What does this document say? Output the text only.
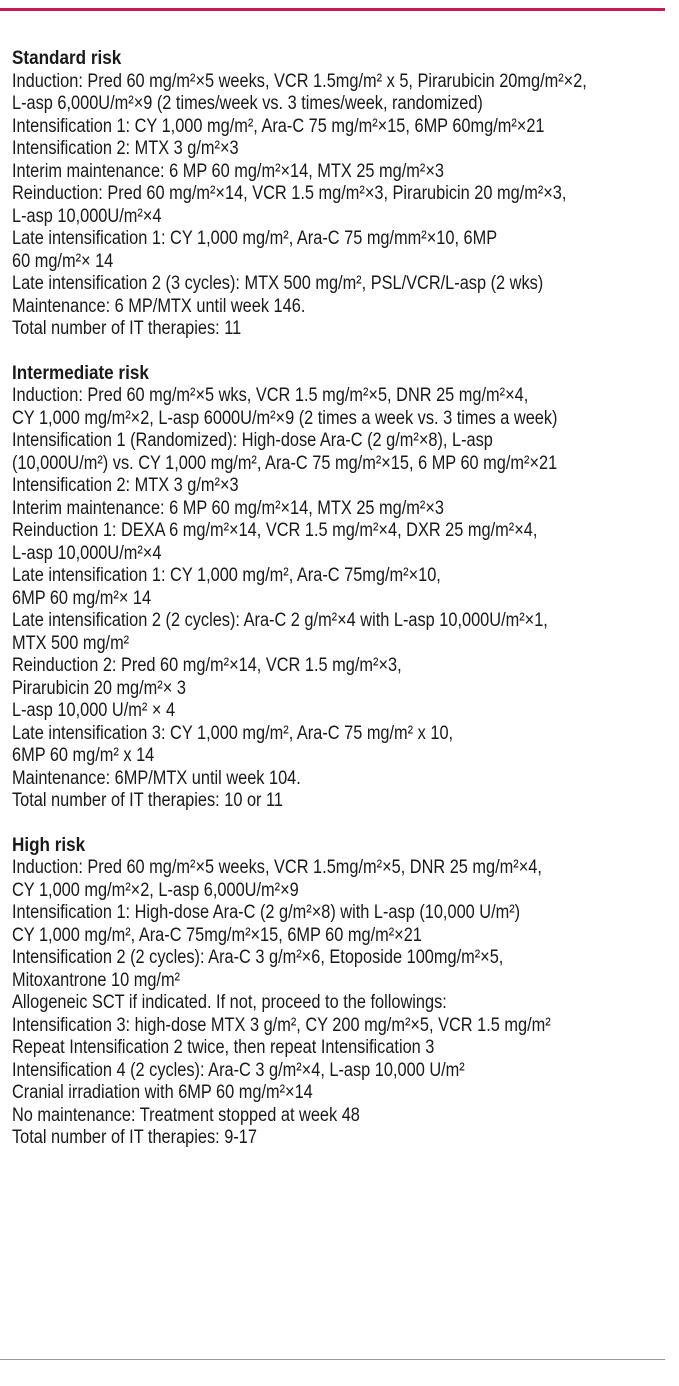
Standard risk
Induction: Pred 60 mg/m²×5 weeks, VCR 1.5mg/m² x 5, Pirarubicin 20mg/m²×2,
L-asp 6,000U/m²×9 (2 times/week vs. 3 times/week, randomized)
Intensification 1: CY 1,000 mg/m², Ara-C 75 mg/m²×15, 6MP 60mg/m²×21
Intensification 2: MTX 3 g/m²×3
Interim maintenance: 6 MP 60 mg/m²×14, MTX 25 mg/m²×3
Reinduction: Pred 60 mg/m²×14, VCR 1.5 mg/m²×3, Pirarubicin 20 mg/m²×3,
L-asp 10,000U/m²×4
Late intensification 1: CY 1,000 mg/m², Ara-C 75 mg/mm²×10, 6MP
60 mg/m²× 14
Late intensification 2 (3 cycles): MTX 500 mg/m², PSL/VCR/L-asp (2 wks)
Maintenance: 6 MP/MTX until week 146.
Total number of IT therapies: 11
Intermediate risk
Induction: Pred 60 mg/m²×5 wks, VCR 1.5 mg/m²×5, DNR 25 mg/m²×4,
CY 1,000 mg/m²×2, L-asp 6000U/m²×9 (2 times a week vs. 3 times a week)
Intensification 1 (Randomized): High-dose Ara-C (2 g/m²×8), L-asp
(10,000U/m²) vs. CY 1,000 mg/m², Ara-C 75 mg/m²×15, 6 MP 60 mg/m²×21
Intensification 2: MTX 3 g/m²×3
Interim maintenance: 6 MP 60 mg/m²×14, MTX 25 mg/m²×3
Reinduction 1: DEXA 6 mg/m²×14, VCR 1.5 mg/m²×4, DXR 25 mg/m²×4,
L-asp 10,000U/m²×4
Late intensification 1: CY 1,000 mg/m², Ara-C 75mg/m²×10,
6MP 60 mg/m²× 14
Late intensification 2 (2 cycles): Ara-C 2 g/m²×4 with L-asp 10,000U/m²×1,
MTX 500 mg/m²
Reinduction 2: Pred 60 mg/m²×14, VCR 1.5 mg/m²×3,
Pirarubicin 20 mg/m²× 3
L-asp 10,000 U/m² × 4
Late intensification 3: CY 1,000 mg/m², Ara-C 75 mg/m² x 10,
6MP 60 mg/m² x 14
Maintenance: 6MP/MTX until week 104.
Total number of IT therapies: 10 or 11
High risk
Induction: Pred 60 mg/m²×5 weeks, VCR 1.5mg/m²×5, DNR 25 mg/m²×4,
CY 1,000 mg/m²×2, L-asp 6,000U/m²×9
Intensification 1: High-dose Ara-C (2 g/m²×8) with L-asp (10,000 U/m²)
CY 1,000 mg/m², Ara-C 75mg/m²×15, 6MP 60 mg/m²×21
Intensification 2 (2 cycles): Ara-C 3 g/m²×6, Etoposide 100mg/m²×5,
Mitoxantrone 10 mg/m²
Allogeneic SCT if indicated. If not, proceed to the followings:
Intensification 3: high-dose MTX 3 g/m², CY 200 mg/m²×5, VCR 1.5 mg/m²
Repeat Intensification 2 twice, then repeat Intensification 3
Intensification 4 (2 cycles): Ara-C 3 g/m²×4, L-asp 10,000 U/m²
Cranial irradiation with 6MP 60 mg/m²×14
No maintenance: Treatment stopped at week 48
Total number of IT therapies: 9-17
